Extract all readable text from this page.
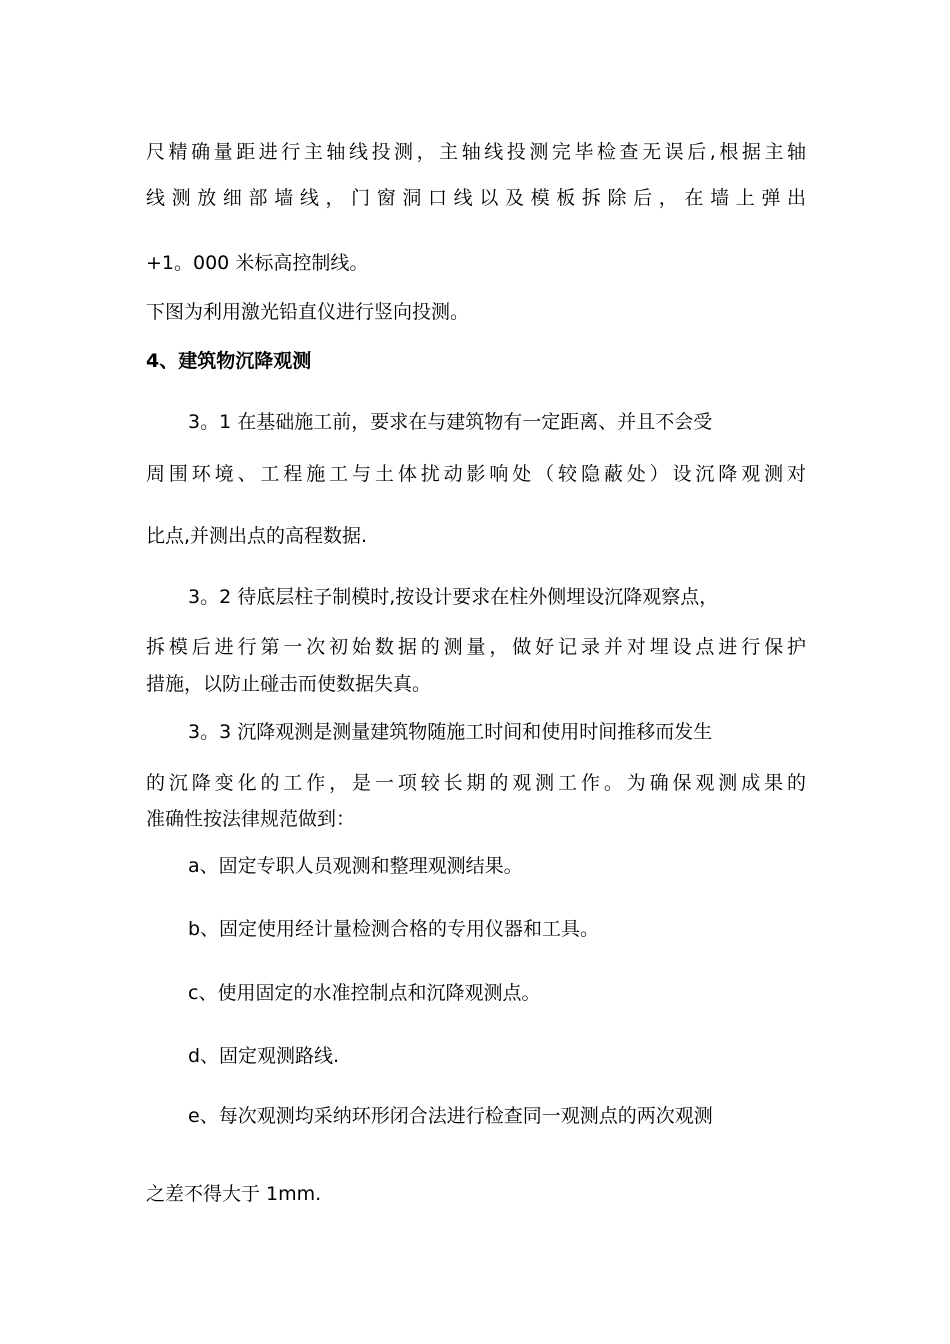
尺精确量距进行主轴线投测，主轴线投测完毕检查无误后,根据主轴
线测放细部墙线，门窗洞口线以及模板拆除后，在墙上弹出
+1。000 米标高控制线。
下图为利用激光铅直仪进行竖向投测。
4、建筑物沉降观测
3。1 在基础施工前，要求在与建筑物有一定距离、并且不会受
周围环境、工程施工与土体扰动影响处（较隐蔽处）设沉降观测对
比点,并测出点的高程数据.
3。2 待底层柱子制模时,按设计要求在柱外侧埋设沉降观察点，
拆模后进行第一次初始数据的测量，做好记录并对埋设点进行保护
措施，以防止碰击而使数据失真。
3。3 沉降观测是测量建筑物随施工时间和使用时间推移而发生
的沉降变化的工作，是一项较长期的观测工作。为确保观测成果的
准确性按法律规范做到：
a、固定专职人员观测和整理观测结果。
b、固定使用经计量检测合格的专用仪器和工具。
c、使用固定的水准控制点和沉降观测点。
d、固定观测路线.
e、每次观测均采纳环形闭合法进行检查同一观测点的两次观测
之差不得大于 1mm.
